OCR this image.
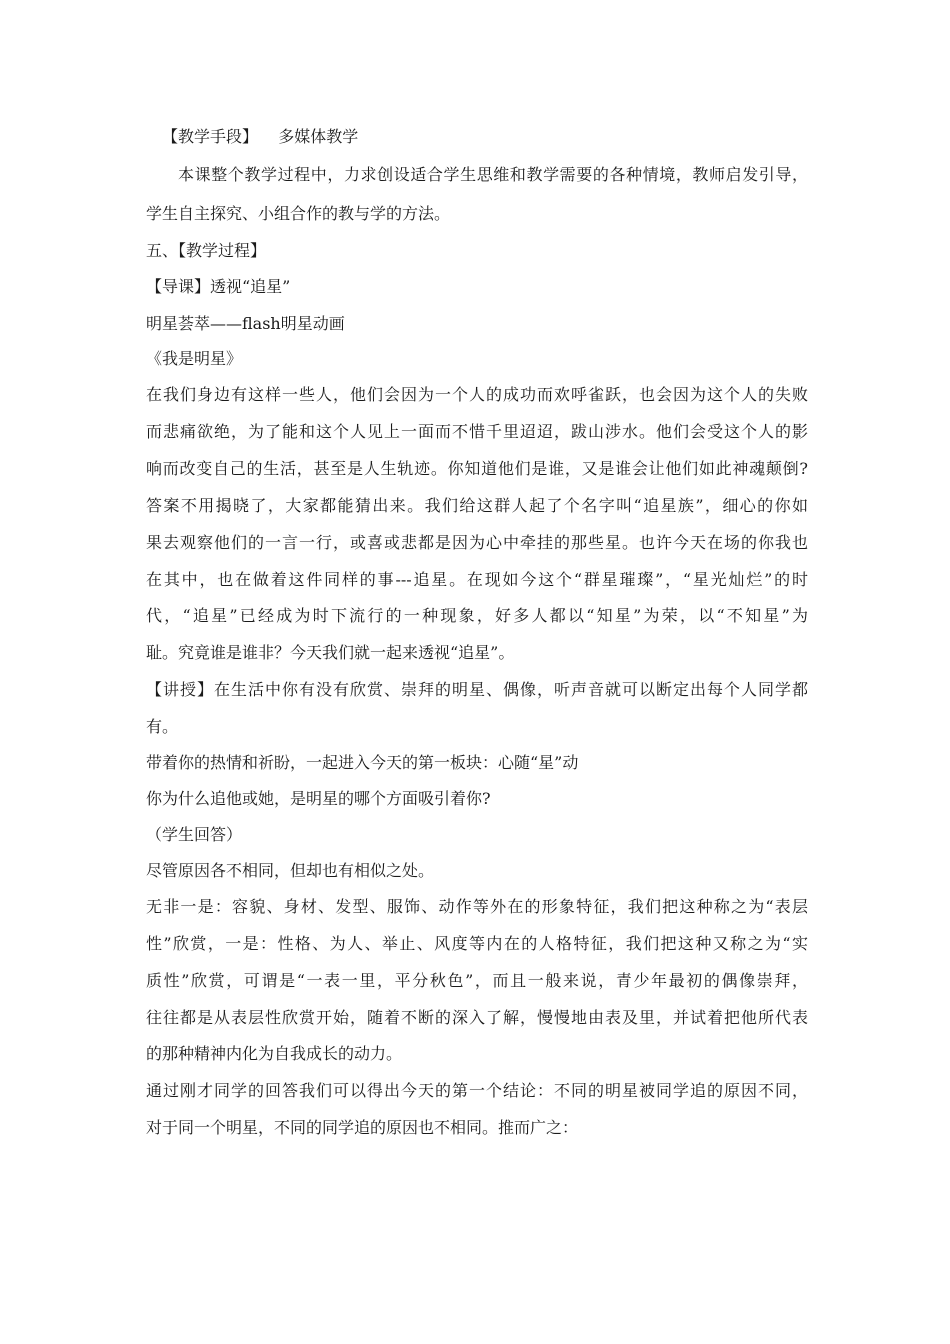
【教学手段】 多媒体教学
本课整个教学过程中，力求创设适合学生思维和教学需要的各种情境，教师启发引导，
学生自主探究、小组合作的教与学的方法。
五、【教学过程】
【导课】透视“追星”
明星荟萃——flash明星动画
《我是明星》
在我们身边有这样一些人，他们会因为一个人的成功而欢呼雀跃，也会因为这个人的失败
而悲痛欲绝，为了能和这个人见上一面而不惜千里迢迢，跋山涉水。他们会受这个人的影
响而改变自己的生活，甚至是人生轨迹。你知道他们是谁，又是谁会让他们如此神魂颠倒?
答案不用揭晓了，大家都能猜出来。我们给这群人起了个名字叫“追星族”，细心的你如
果去观察他们的一言一行，或喜或悲都是因为心中牵挂的那些星。也许今天在场的你我也
在其中，也在做着这件同样的事---追星。在现如今这个“群星璀璨”，“星光灿烂”的时
代，“追星”已经成为时下流行的一种现象，好多人都以“知星”为荣，以“不知星”为
耻。究竟谁是谁非？今天我们就一起来透视“追星”。
【讲授】在生活中你有没有欣赏、崇拜的明星、偶像，听声音就可以断定出每个人同学都
有。
带着你的热情和祈盼，一起进入今天的第一板块：心随“星”动
你为什么追他或她，是明星的哪个方面吸引着你?
（学生回答）
尽管原因各不相同，但却也有相似之处。
无非一是：容貌、身材、发型、服饰、动作等外在的形象特征，我们把这种称之为“表层
性”欣赏，一是：性格、为人、举止、风度等内在的人格特征，我们把这种又称之为“实
质性”欣赏，可谓是“一表一里，平分秋色”，而且一般来说，青少年最初的偶像崇拜，
往往都是从表层性欣赏开始，随着不断的深入了解，慢慢地由表及里，并试着把他所代表
的那种精神内化为自我成长的动力。
通过刚才同学的回答我们可以得出今天的第一个结论：不同的明星被同学追的原因不同，
对于同一个明星，不同的同学追的原因也不相同。推而广之：
